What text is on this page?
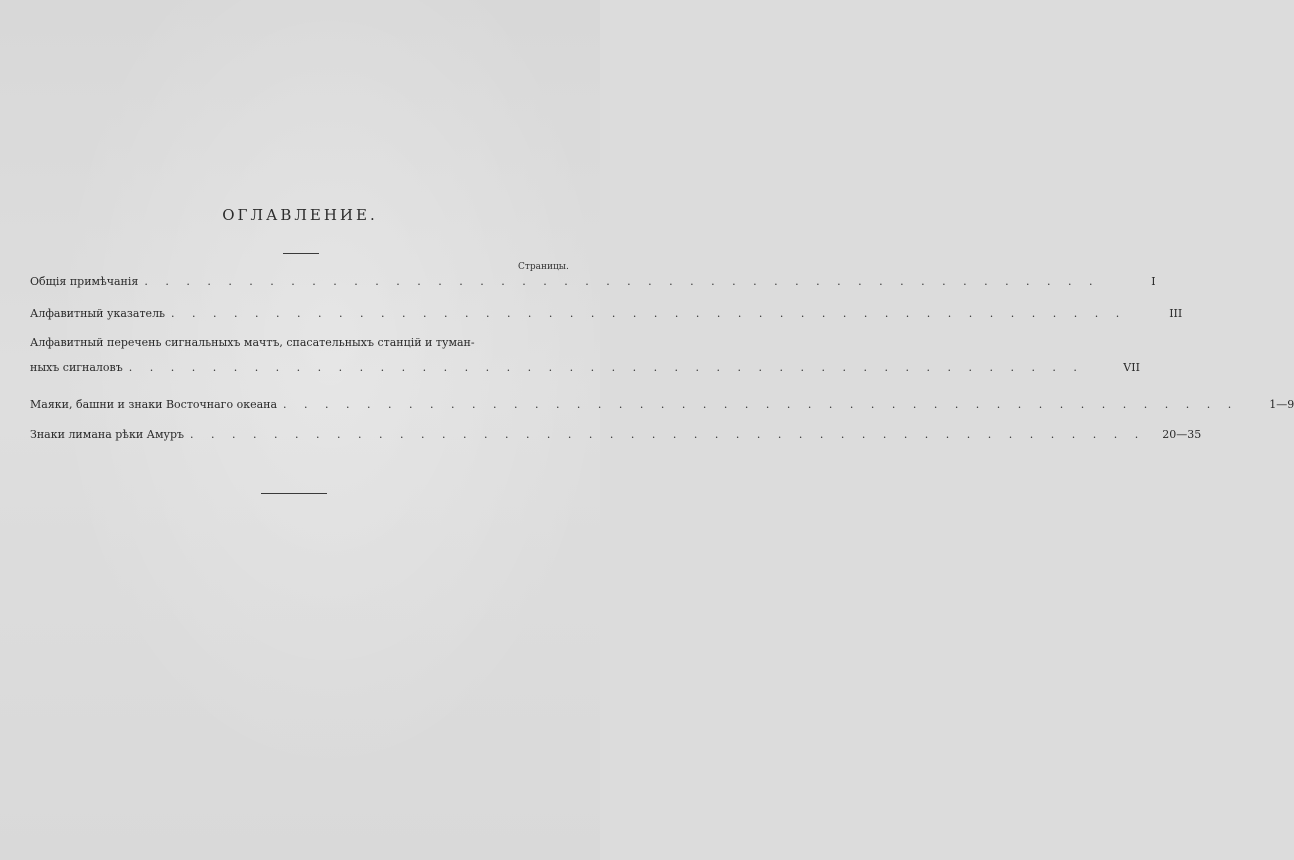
ОГЛАВЛЕНИЕ.
Страницы.
Общiя примѣчанiя . . . . . . . . . . . . . . . . . . . . . . . . . . . . . . . . . . . . . . . . . . . . . .	I
Алфавитный указатель . . . . . . . . . . . . . . . . . . . . . . . . . . . . . . . . . . . . . . . . . . . . . .	III
Алфавитный перечень сигнальныхъ мачтъ, спасательныхъ станцiй и туман-
ныхъ сигналовъ . . . . . . . . . . . . . . . . . . . . . . . . . . . . . . . . . . . . . . . . . . . . . .	VII
Маяки, башни и знаки Восточнаго океана . . . . . . . . . . . . . . . . . . . . . . . . . . . . . . . . . . . . . . . . . . . . . .	1—9
Знаки лимана рѣки Амуръ . . . . . . . . . . . . . . . . . . . . . . . . . . . . . . . . . . . . . . . . . . . . . .	20—35
